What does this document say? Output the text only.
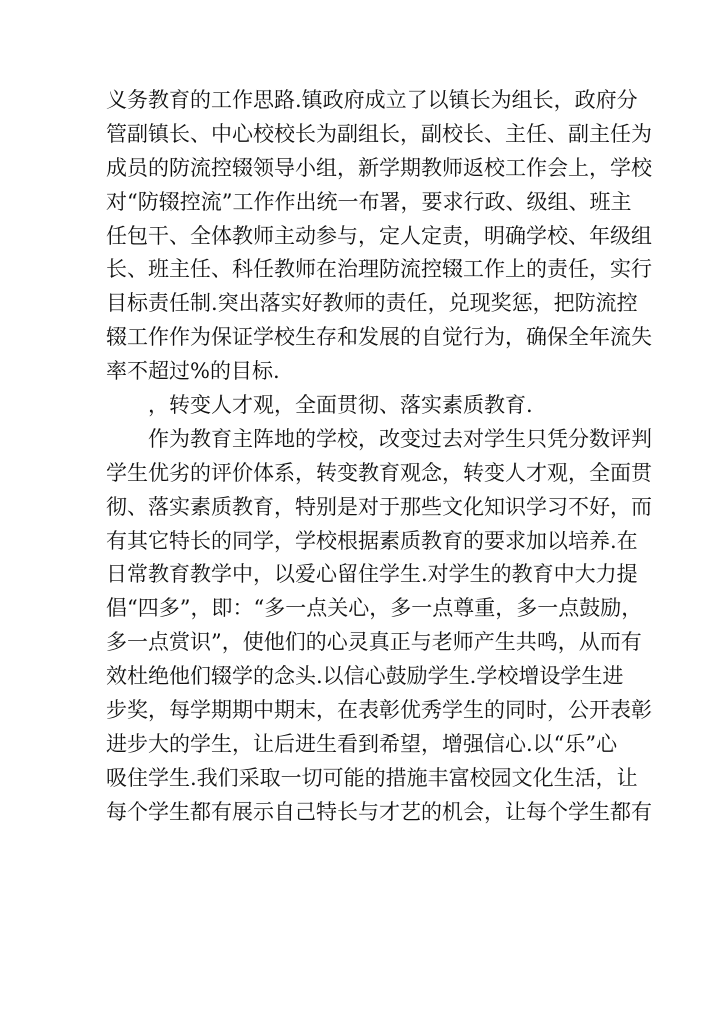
义务教育的工作思路.镇政府成立了以镇长为组长，政府分
管副镇长、中心校校长为副组长，副校长、主任、副主任为
成员的防流控辍领导小组，新学期教师返校工作会上，学校
对“防辍控流”工作作出统一布署，要求行政、级组、班主
任包干、全体教师主动参与，定人定责，明确学校、年级组
长、班主任、科任教师在治理防流控辍工作上的责任，实行
目标责任制.突出落实好教师的责任，兑现奖惩，把防流控
辍工作作为保证学校生存和发展的自觉行为，确保全年流失
率不超过%的目标.
，转变人才观，全面贯彻、落实素质教育.
作为教育主阵地的学校，改变过去对学生只凭分数评判
学生优劣的评价体系，转变教育观念，转变人才观，全面贯
彻、落实素质教育，特别是对于那些文化知识学习不好，而
有其它特长的同学，学校根据素质教育的要求加以培养.在
日常教育教学中，以爱心留住学生.对学生的教育中大力提
倡“四多”，即：“多一点关心，多一点尊重，多一点鼓励，
多一点赏识”，使他们的心灵真正与老师产生共鸣，从而有
效杜绝他们辍学的念头.以信心鼓励学生.学校增设学生进
步奖，每学期期中期末，在表彰优秀学生的同时，公开表彰
进步大的学生，让后进生看到希望，增强信心.以“乐”心
吸住学生.我们采取一切可能的措施丰富校园文化生活，让
每个学生都有展示自己特长与才艺的机会，让每个学生都有
